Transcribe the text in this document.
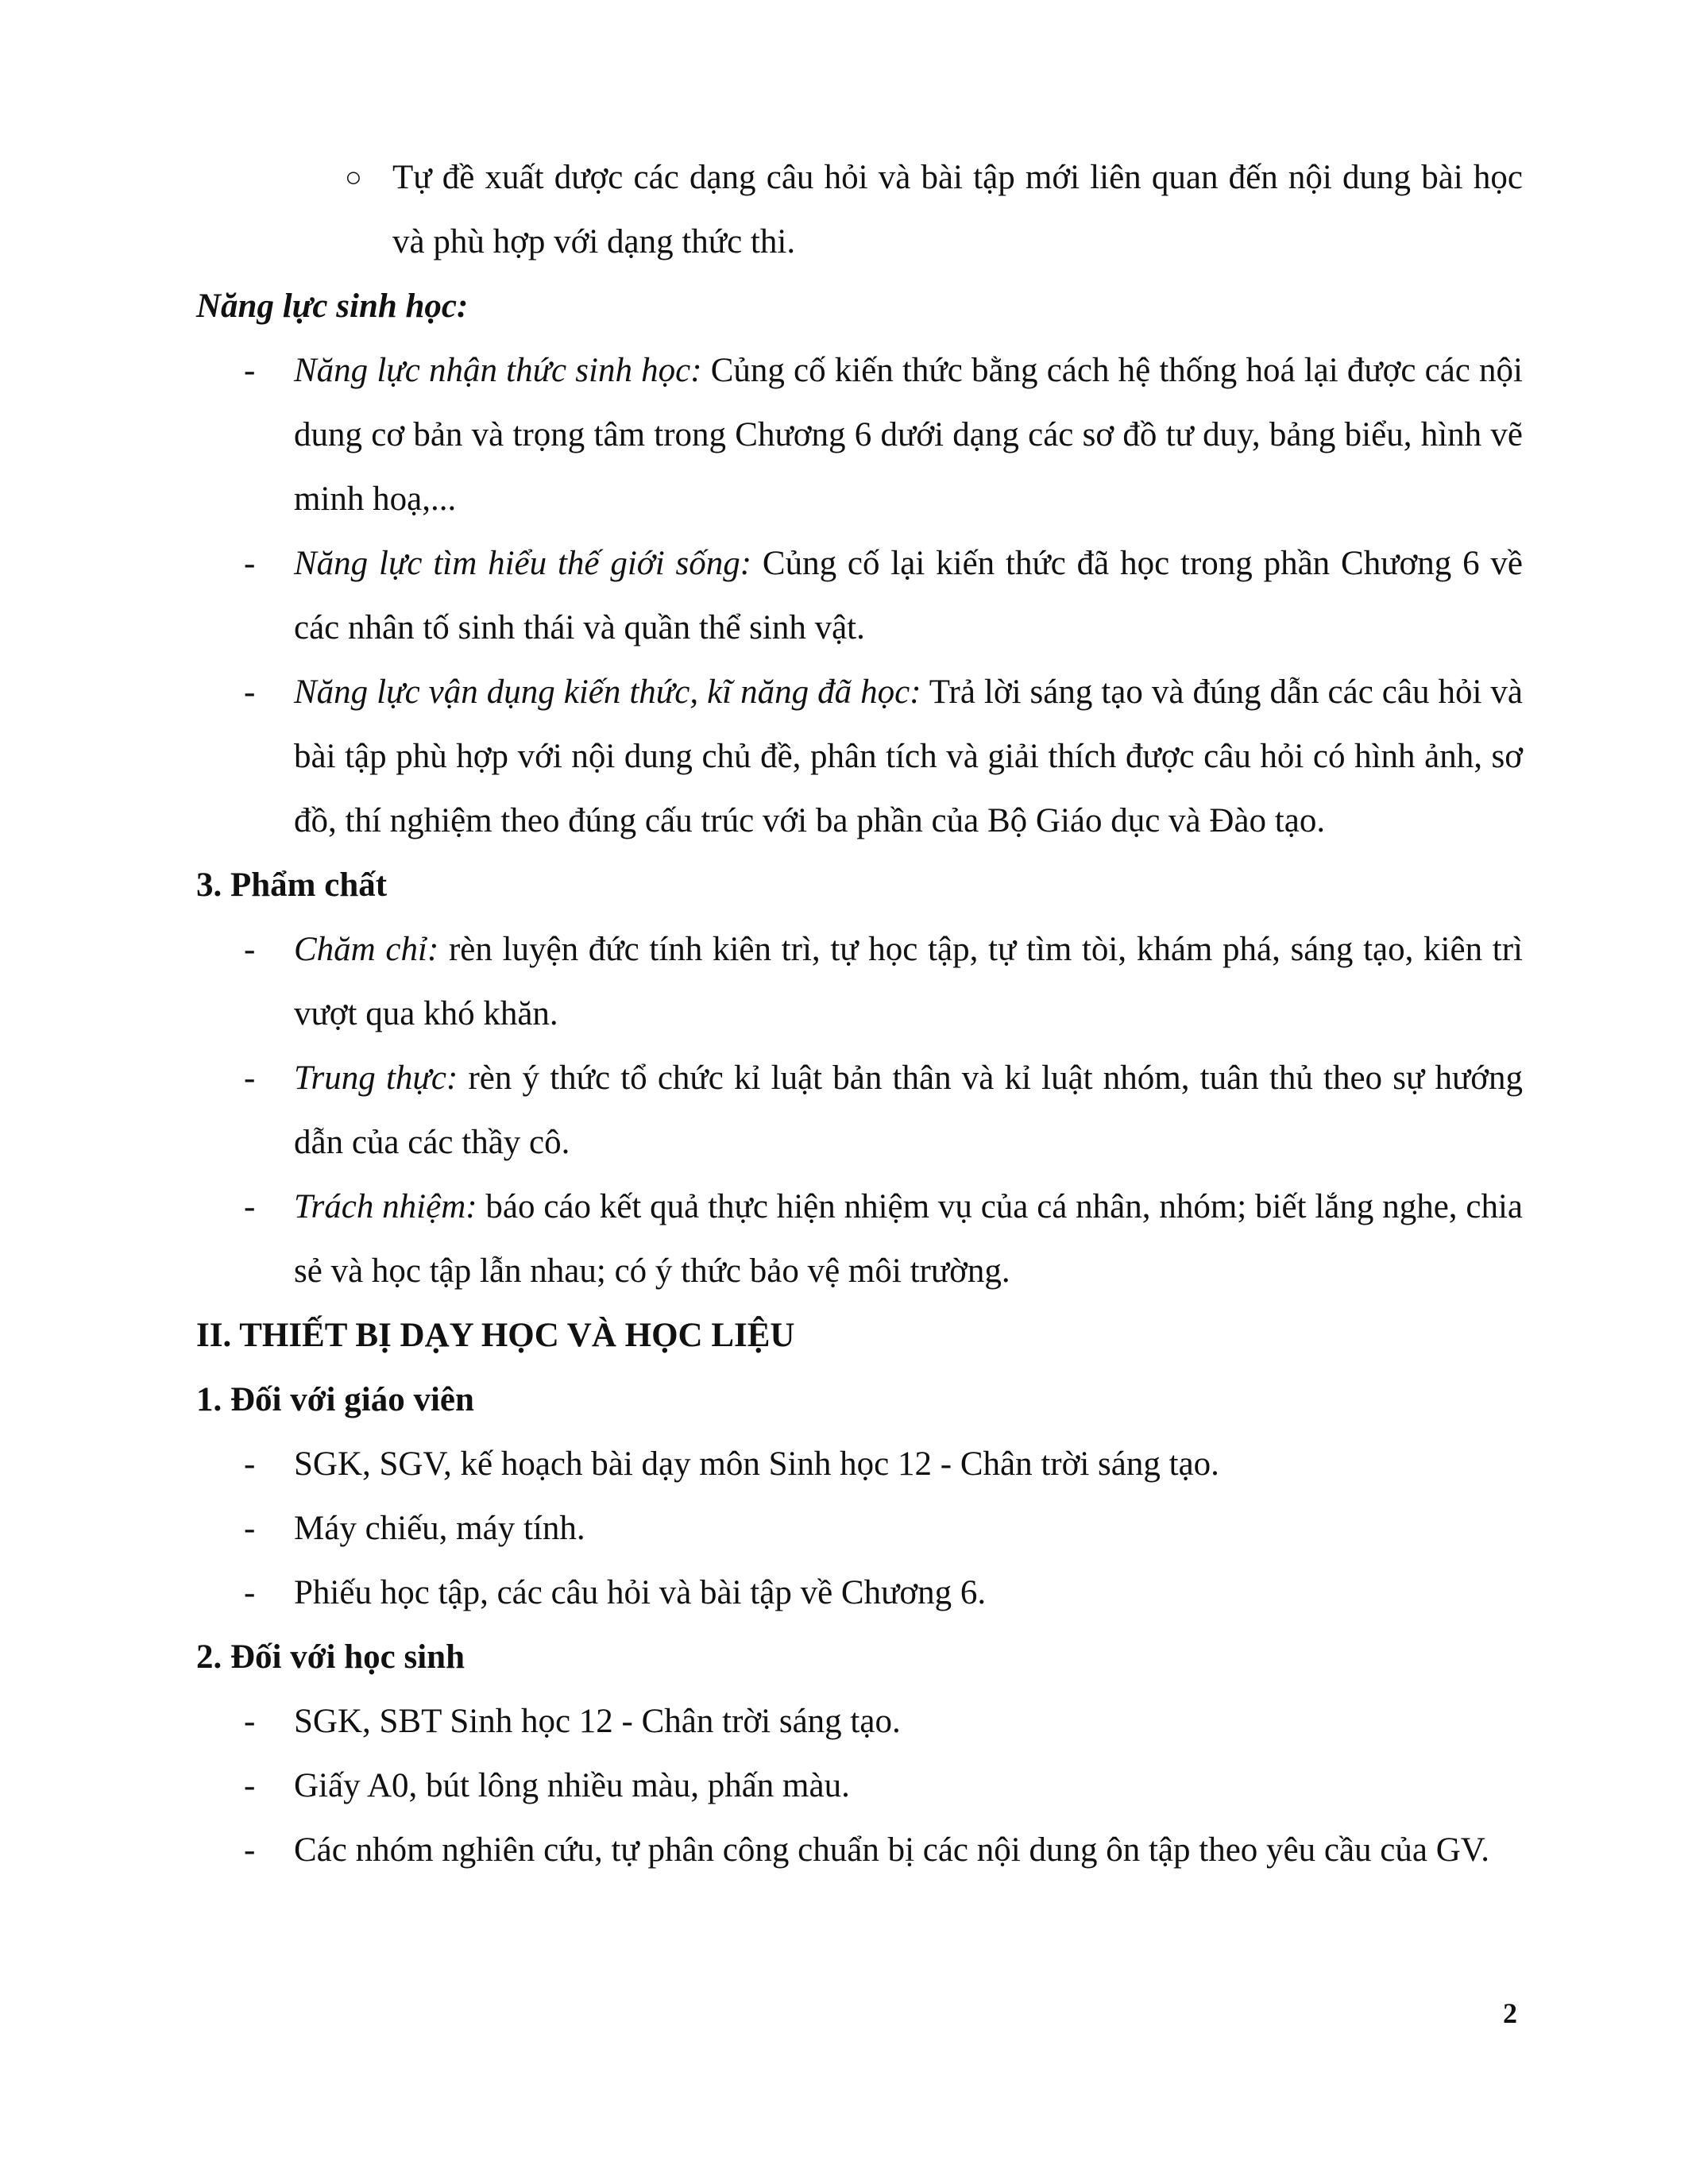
○ Tự đề xuất dược các dạng câu hỏi và bài tập mới liên quan đến nội dung bài học và phù hợp với dạng thức thi.

Năng lực sinh học:

- Năng lực nhận thức sinh học: Củng cố kiến thức bằng cách hệ thống hoá lại được các nội dung cơ bản và trọng tâm trong Chương 6 dưới dạng các sơ đồ tư duy, bảng biểu, hình vẽ minh hoạ,...
- Năng lực tìm hiểu thế giới sống: Củng cố lại kiến thức đã học trong phần Chương 6 về các nhân tố sinh thái và quần thể sinh vật.
- Năng lực vận dụng kiến thức, kĩ năng đã học: Trả lời sáng tạo và đúng dẫn các câu hỏi và bài tập phù hợp với nội dung chủ đề, phân tích và giải thích được câu hỏi có hình ảnh, sơ đồ, thí nghiệm theo đúng cấu trúc với ba phần của Bộ Giáo dục và Đào tạo.

3. Phẩm chất

- Chăm chỉ: rèn luyện đức tính kiên trì, tự học tập, tự tìm tòi, khám phá, sáng tạo, kiên trì vượt qua khó khăn.
- Trung thực: rèn ý thức tổ chức kỉ luật bản thân và kỉ luật nhóm, tuân thủ theo sự hướng dẫn của các thầy cô.
- Trách nhiệm: báo cáo kết quả thực hiện nhiệm vụ của cá nhân, nhóm; biết lắng nghe, chia sẻ và học tập lẫn nhau; có ý thức bảo vệ môi trường.

II. THIẾT BỊ DẠY HỌC VÀ HỌC LIỆU

1. Đối với giáo viên

- SGK, SGV, kế hoạch bài dạy môn Sinh học 12 - Chân trời sáng tạo.
- Máy chiếu, máy tính.
- Phiếu học tập, các câu hỏi và bài tập về Chương 6.

2. Đối với học sinh

- SGK, SBT Sinh học 12 - Chân trời sáng tạo.
- Giấy A0, bút lông nhiều màu, phấn màu.
- Các nhóm nghiên cứu, tự phân công chuẩn bị các nội dung ôn tập theo yêu cầu của GV.
2
